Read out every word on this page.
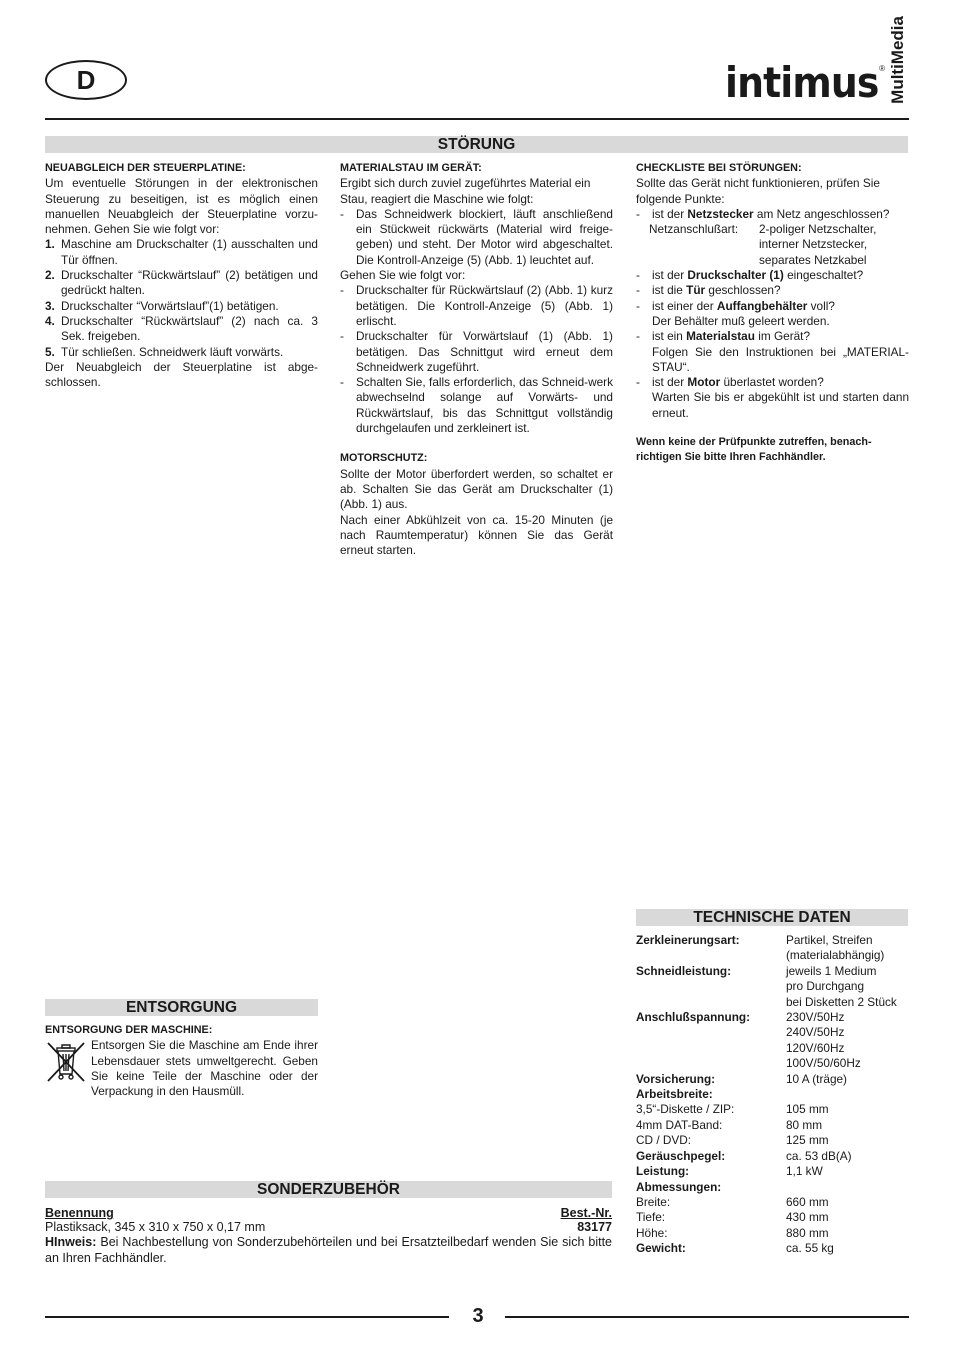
D	intimus ® MultiMedia
STÖRUNG

NEUABGLEICH DER STEUERPLATINE:

Um eventuelle Störungen in der elektronischen Steuerung zu beseitigen, ist es möglich einen manuellen Neuabgleich der Steuerplatine vorzu-nehmen. Gehen Sie wie folgt vor:

1. Maschine am Druckschalter (1) ausschalten und Tür öffnen.
2. Druckschalter “Rückwärtslauf” (2) betätigen und gedrückt halten.
3. Druckschalter “Vorwärtslauf”(1) betätigen.
4. Druckschalter “Rückwärtslauf” (2) nach ca. 3 Sek. freigeben.
5. Tür schließen. Schneidwerk läuft vorwärts.

Der Neuabgleich der Steuerplatine ist abge-schlossen.

MATERIALSTAU IM GERÄT:

Ergibt sich durch zuviel zugeführtes Material ein Stau, reagiert die Maschine wie folgt:

-	Das Schneidwerk blockiert, läuft anschließend ein Stückweit rückwärts (Material wird freige-geben) und steht. Der Motor wird abgeschaltet. Die Kontroll-Anzeige (5) (Abb. 1) leuchtet auf.

Gehen Sie wie folgt vor:

-	Druckschalter für Rückwärtslauf (2) (Abb. 1) kurz betätigen. Die Kontroll-Anzeige (5) (Abb. 1) erlischt.
-	Druckschalter für Vorwärtslauf (1) (Abb. 1) betätigen. Das Schnittgut wird erneut dem Schneidwerk zugeführt.
-	Schalten Sie, falls erforderlich, das Schneid-werk abwechselnd solange auf Vorwärts- und Rückwärtslauf, bis das Schnittgut vollständig durchgelaufen und zerkleinert ist.

MOTORSCHUTZ:

Sollte der Motor überfordert werden, so schaltet er ab. Schalten Sie das Gerät am Druckschalter (1) (Abb. 1) aus.

Nach einer Abkühlzeit von ca. 15-20 Minuten (je nach Raumtemperatur) können Sie das Gerät erneut starten.

CHECKLISTE BEI STÖRUNGEN:

Sollte das Gerät nicht funktionieren, prüfen Sie folgende Punkte:

-	ist der Netzstecker am Netz angeschlossen?
Netzanschlußart:	2-poliger Netzschalter,
interner Netzstecker,
separates Netzkabel
-	ist der Druckschalter (1) eingeschaltet?
-	ist die Tür geschlossen?
-	ist einer der Auffangbehälter voll?
Der Behälter muß geleert werden.
-	ist ein Materialstau im Gerät?
Folgen Sie den Instruktionen bei „MATERIAL-STAU“.
-	ist der Motor überlastet worden?
Warten Sie bis er abgekühlt ist und starten dann erneut.

Wenn keine der Prüfpunkte zutreffen, benach-richtigen Sie bitte Ihren Fachhändler.

TECHNISCHE DATEN
Zerkleinerungsart:	Partikel, Streifen
(materialabhängig)
Schneidleistung:	jeweils 1 Medium
pro Durchgang
bei Disketten 2 Stück
Anschlußspannung:	230V/50Hz
240V/50Hz
120V/60Hz
100V/50/60Hz
Vorsicherung:	10 A (träge)
Arbeitsbreite:
3,5“-Diskette / ZIP:	105 mm
4mm DAT-Band:	80 mm
CD / DVD:	125 mm
Geräuschpegel:	ca. 53 dB(A)
Leistung:	1,1 kW
Abmessungen:
Breite:	660 mm
Tiefe:	430 mm
Höhe:	880 mm
Gewicht:	ca. 55 kg
ENTSORGUNG

ENTSORGUNG DER MASCHINE:

Entsorgen Sie die Maschine am Ende ihrer Lebensdauer stets umweltgerecht. Geben Sie keine Teile der Maschine oder der Verpackung in den Hausmüll.
SONDERZUBEHÖR
Benennung	Best.-Nr.
Plastiksack, 345 x 310 x 750 x 0,17 mm	83177
HInweis: Bei Nachbestellung von Sonderzubehörteilen und bei Ersatzteilbedarf wenden Sie sich bitte an Ihren Fachhändler.
3
